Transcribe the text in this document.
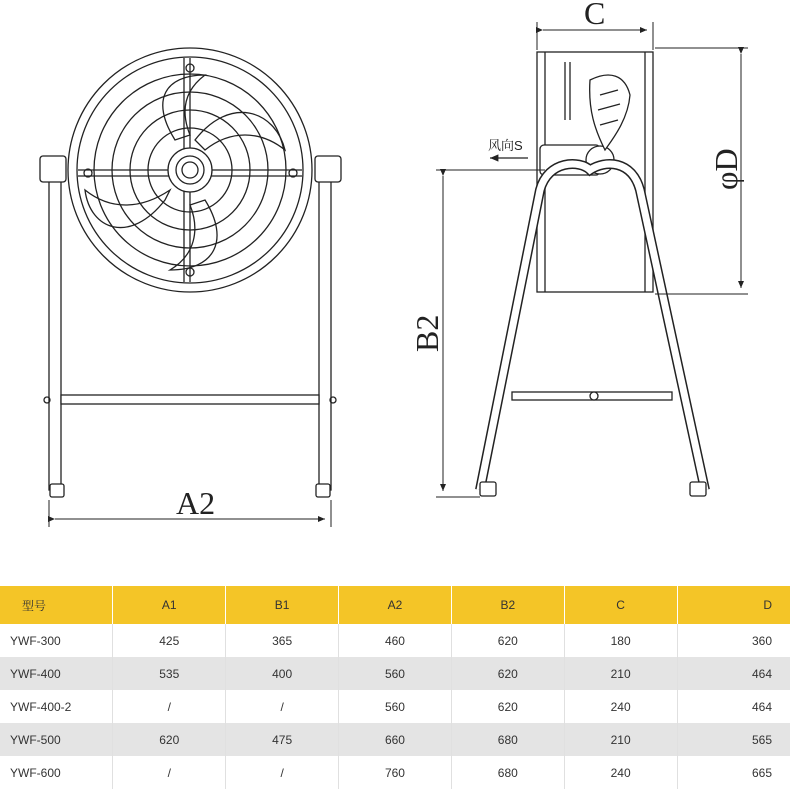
A2
C
φD
B2
风向S
型号	A1	B1	A2	B2	C	D
YWF-300	425	365	460	620	180	360
YWF-400	535	400	560	620	210	464
YWF-400-2	/	/	560	620	240	464
YWF-500	620	475	660	680	210	565
YWF-600	/	/	760	680	240	665
